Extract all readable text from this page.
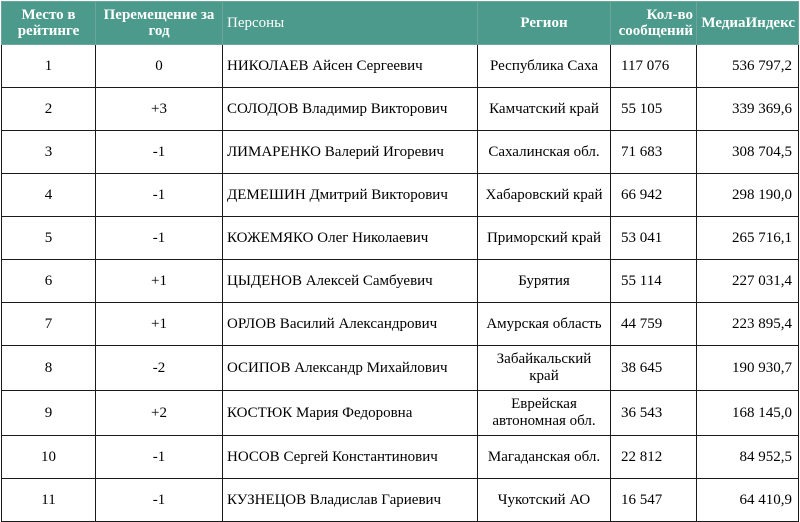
Место в рейтинге	Перемещение за год	Персоны	Регион	Кол-во сообщений	МедиаИндекс
1	0	НИКОЛАЕВ Айсен Сергеевич	Республика Саха	117 076	536 797,2
2	+3	СОЛОДОВ Владимир Викторович	Камчатский край	55 105	339 369,6
3	-1	ЛИМАРЕНКО Валерий Игоревич	Сахалинская обл.	71 683	308 704,5
4	-1	ДЕМЕШИН Дмитрий Викторович	Хабаровский край	66 942	298 190,0
5	-1	КОЖЕМЯКО Олег Николаевич	Приморский край	53 041	265 716,1
6	+1	ЦЫДЕНОВ Алексей Самбуевич	Бурятия	55 114	227 031,4
7	+1	ОРЛОВ Василий Александрович	Амурская область	44 759	223 895,4
8	-2	ОСИПОВ Александр Михайлович	Забайкальский край	38 645	190 930,7
9	+2	КОСТЮК Мария Федоровна	Еврейская автономная обл.	36 543	168 145,0
10	-1	НОСОВ Сергей Константинович	Магаданская обл.	22 812	84 952,5
11	-1	КУЗНЕЦОВ Владислав Гариевич	Чукотский АО	16 547	64 410,9
